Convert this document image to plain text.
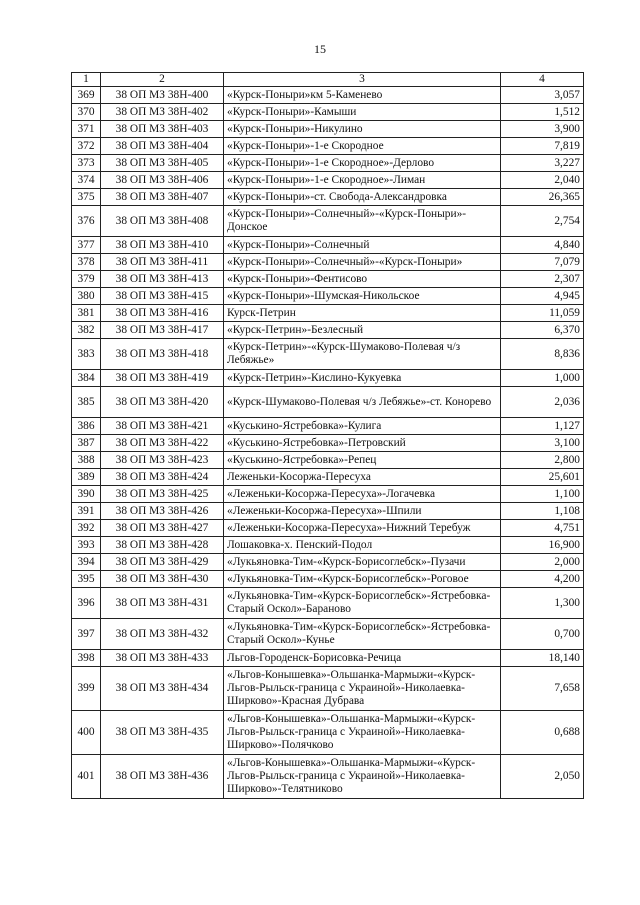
15
1	2	3	4
369	38 ОП МЗ 38Н-400	«Курск-Поныри»км 5-Каменево	3,057
370	38 ОП МЗ 38Н-402	«Курск-Поныри»-Камыши	1,512
371	38 ОП МЗ 38Н-403	«Курск-Поныри»-Никулино	3,900
372	38 ОП МЗ 38Н-404	«Курск-Поныри»-1-е Скородное	7,819
373	38 ОП МЗ 38Н-405	«Курск-Поныри»-1-е Скородное»-Дерлово	3,227
374	38 ОП МЗ 38Н-406	«Курск-Поныри»-1-е Скородное»-Лиман	2,040
375	38 ОП МЗ 38Н-407	«Курск-Поныри»-ст. Свобода-Александровка	26,365
376	38 ОП МЗ 38Н-408	«Курск-Поныри»-Солнечный»-«Курск-Поныри»-Донское	2,754
377	38 ОП МЗ 38Н-410	«Курск-Поныри»-Солнечный	4,840
378	38 ОП МЗ 38Н-411	«Курск-Поныри»-Солнечный»-«Курск-Поныри»	7,079
379	38 ОП МЗ 38Н-413	«Курск-Поныри»-Фентисово	2,307
380	38 ОП МЗ 38Н-415	«Курск-Поныри»-Шумская-Никольское	4,945
381	38 ОП МЗ 38Н-416	Курск-Петрин	11,059
382	38 ОП МЗ 38Н-417	«Курск-Петрин»-Безлесный	6,370
383	38 ОП МЗ 38Н-418	«Курск-Петрин»-«Курск-Шумаково-Полевая ч/з Лебяжье»	8,836
384	38 ОП МЗ 38Н-419	«Курск-Петрин»-Кислино-Кукуевка	1,000
385	38 ОП МЗ 38Н-420	«Курск-Шумаково-Полевая ч/з Лебяжье»-ст. Конорево	2,036
386	38 ОП МЗ 38Н-421	«Куськино-Ястребовка»-Кулига	1,127
387	38 ОП МЗ 38Н-422	«Куськино-Ястребовка»-Петровский	3,100
388	38 ОП МЗ 38Н-423	«Куськино-Ястребовка»-Репец	2,800
389	38 ОП МЗ 38Н-424	Леженьки-Косоржа-Пересуха	25,601
390	38 ОП МЗ 38Н-425	«Леженьки-Косоржа-Пересуха»-Логачевка	1,100
391	38 ОП МЗ 38Н-426	«Леженьки-Косоржа-Пересуха»-Шпили	1,108
392	38 ОП МЗ 38Н-427	«Леженьки-Косоржа-Пересуха»-Нижний Теребуж	4,751
393	38 ОП МЗ 38Н-428	Лошаковка-х. Пенский-Подол	16,900
394	38 ОП МЗ 38Н-429	«Лукьяновка-Тим-«Курск-Борисоглебск»-Пузачи	2,000
395	38 ОП МЗ 38Н-430	«Лукьяновка-Тим-«Курск-Борисоглебск»-Роговое	4,200
396	38 ОП МЗ 38Н-431	«Лукьяновка-Тим-«Курск-Борисоглебск»-Ястребовка-Старый Оскол»-Бараново	1,300
397	38 ОП МЗ 38Н-432	«Лукьяновка-Тим-«Курск-Борисоглебск»-Ястребовка-Старый Оскол»-Кунье	0,700
398	38 ОП МЗ 38Н-433	Льгов-Городенск-Борисовка-Речица	18,140
399	38 ОП МЗ 38Н-434	«Льгов-Конышевка»-Ольшанка-Мармыжи-«Курск-Льгов-Рыльск-граница с Украиной»-Николаевка-Ширково»-Красная Дубрава	7,658
400	38 ОП МЗ 38Н-435	«Льгов-Конышевка»-Ольшанка-Мармыжи-«Курск-Льгов-Рыльск-граница с Украиной»-Николаевка-Ширково»-Полячково	0,688
401	38 ОП МЗ 38Н-436	«Льгов-Конышевка»-Ольшанка-Мармыжи-«Курск-Льгов-Рыльск-граница с Украиной»-Николаевка-Ширково»-Телятниково	2,050
